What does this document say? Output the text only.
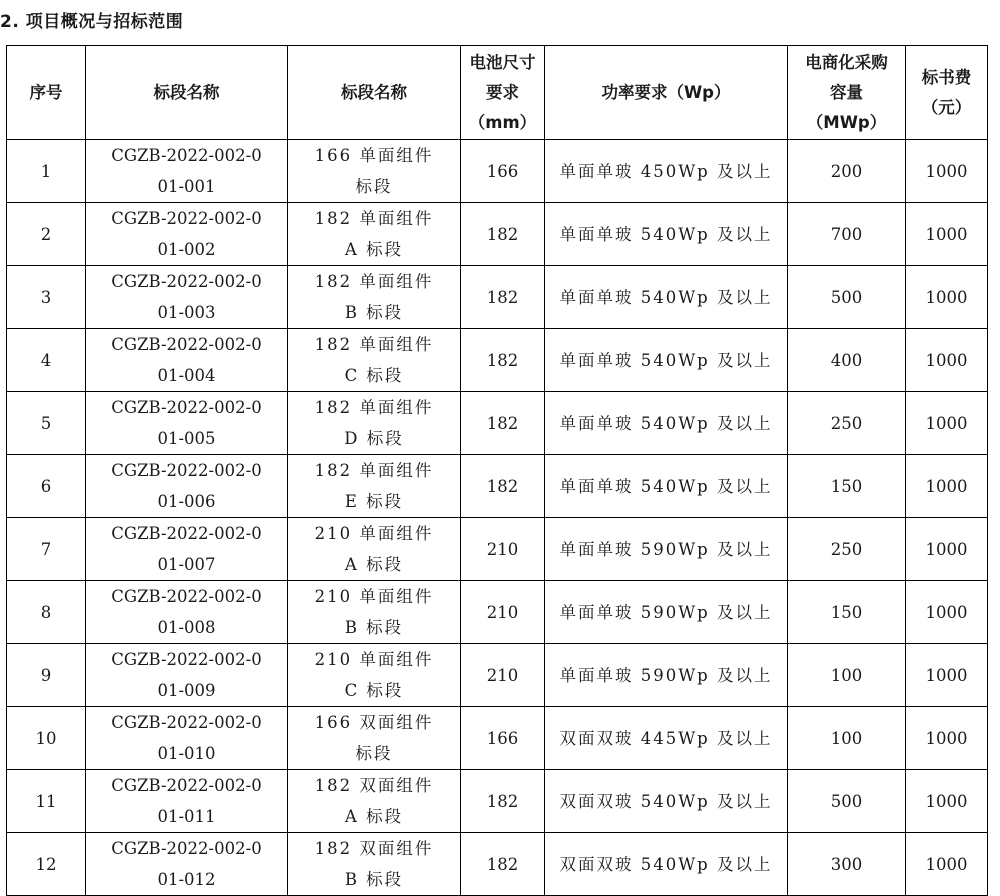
2. 项目概况与招标范围
序号	标段名称	标段名称	电池尺寸要求（mm）	功率要求（Wp）	电商化采购容量（MWp）	标书费（元）

1	CGZB-2022-002-001-001	166 单面组件标段	166	单面单玻 450Wp 及以上	200	1000
2	CGZB-2022-002-001-002	182 单面组件 A 标段	182	单面单玻 540Wp 及以上	700	1000
3	CGZB-2022-002-001-003	182 单面组件 B 标段	182	单面单玻 540Wp 及以上	500	1000
4	CGZB-2022-002-001-004	182 单面组件 C 标段	182	单面单玻 540Wp 及以上	400	1000
5	CGZB-2022-002-001-005	182 单面组件 D 标段	182	单面单玻 540Wp 及以上	250	1000
6	CGZB-2022-002-001-006	182 单面组件 E 标段	182	单面单玻 540Wp 及以上	150	1000
7	CGZB-2022-002-001-007	210 单面组件 A 标段	210	单面单玻 590Wp 及以上	250	1000
8	CGZB-2022-002-001-008	210 单面组件 B 标段	210	单面单玻 590Wp 及以上	150	1000
9	CGZB-2022-002-001-009	210 单面组件 C 标段	210	单面单玻 590Wp 及以上	100	1000
10	CGZB-2022-002-001-010	166 双面组件标段	166	双面双玻 445Wp 及以上	100	1000
11	CGZB-2022-002-001-011	182 双面组件 A 标段	182	双面双玻 540Wp 及以上	500	1000
12	CGZB-2022-002-001-012	182 双面组件 B 标段	182	双面双玻 540Wp 及以上	300	1000
